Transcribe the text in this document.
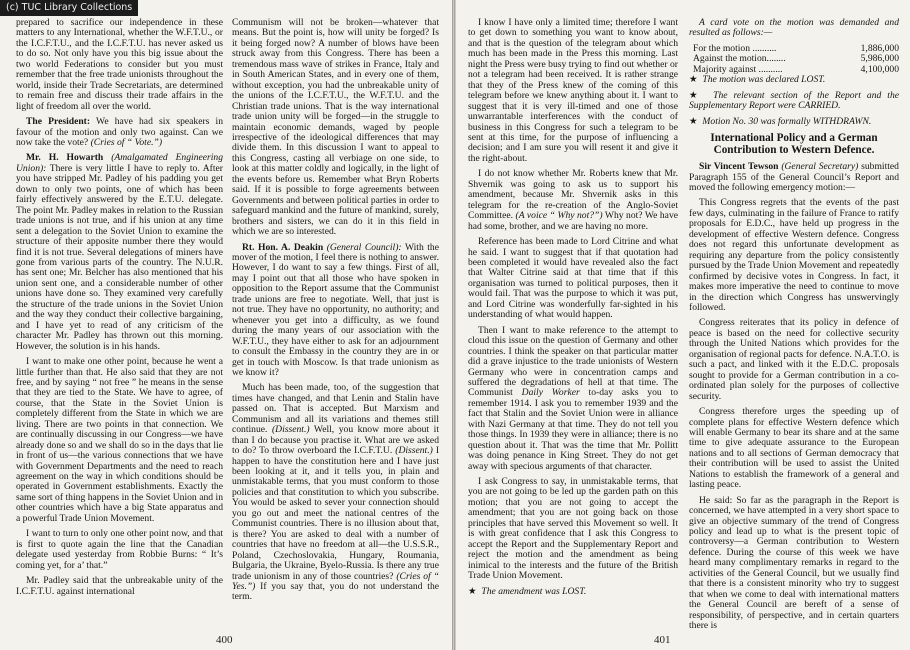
(c) TUC Library Collections

prepared to sacrifice our independence in these matters to any International, whether the W.F.T.U., or the I.C.F.T.U., and the I.C.F.T.U. has never asked us to do so. Not only have you this big issue about the two world Federations to consider but you must remember that the free trade unionists throughout the world, inside their Trade Secretariats, are determined to remain free and discuss their trade affairs in the light of freedom all over the world.

The President: We have had six speakers in favour of the motion and only two against. Can we now take the vote? (Cries of “ Vote.”)

Mr. H. Howarth (Amalgamated Engineering Union): There is very little I have to reply to. After you have stripped Mr. Padley of his padding you get down to only two points, one of which has been fairly effectively answered by the E.T.U. delegate. The point Mr. Padley makes in relation to the Russian trade unions is not true, and if his union at any time sent a delegation to the Soviet Union to examine the structure of their apposite number there they would find it is not true. Several delegations of miners have gone from various parts of the country. The N.U.R. has sent one; Mr. Belcher has also mentioned that his union sent one, and a considerable number of other unions have done so. They examined very carefully the structure of the trade unions in the Soviet Union and the way they conduct their collective bargaining, and I have yet to read of any criticism of the character Mr. Padley has thrown out this morning. However, the solution is in his hands.

I want to make one other point, because he went a little further than that. He also said that they are not free, and by saying “ not free ” he means in the sense that they are tied to the State. We have to agree, of course, that the State in the Soviet Union is completely different from the State in which we are living. There are two points in that connection. We are continually discussing in our Congress—we have already done so and we shall do so in the days that lie in front of us—the various connections that we have with Government Departments and the need to reach agreement on the way in which conditions should be operated in Government establishments. Exactly the same sort of thing happens in the Soviet Union and in other countries which have a big State apparatus and a powerful Trade Union Movement.

I want to turn to only one other point now, and that is first to quote again the line that the Canadian delegate used yesterday from Robbie Burns: “ It’s coming yet, for a’ that.”

Mr. Padley said that the unbreakable unity of the I.C.F.T.U. against international

Communism will not be broken—whatever that means. But the point is, how will unity be forged? Is it being forged now? A number of blows have been struck away from this Congress. There has been a tremendous mass wave of strikes in France, Italy and in South American States, and in every one of them, without exception, you had the unbreakable unity of the unions of the I.C.F.T.U., the W.F.T.U. and the Christian trade unions. That is the way international trade union unity will be forged—in the struggle to maintain economic demands, waged by people irrespective of the ideological differences that may divide them. In this discussion I want to appeal to this Congress, casting all verbiage on one side, to look at this matter coldly and logically, in the light of the events before us. Remember what Bryn Roberts said. If it is possible to forge agreements between Governments and between political parties in order to safeguard mankind and the future of mankind, surely, brothers and sisters, we can do it in this field in which we are so interested.

Rt. Hon. A. Deakin (General Council): With the mover of the motion, I feel there is nothing to answer. However, I do want to say a few things. First of all, may I point out that all those who have spoken in opposition to the Report assume that the Communist trade unions are free to negotiate. Well, that just is not true. They have no opportunity, no authority; and whenever you get into a difficulty, as we found during the many years of our association with the W.F.T.U., they have either to ask for an adjournment to consult the Embassy in the country they are in or get in touch with Moscow. Is that trade unionism as we know it?

Much has been made, too, of the suggestion that times have changed, and that Lenin and Stalin have passed on. That is accepted. But Marxism and Communism and all its variations and themes still continue. (Dissent.) Well, you know more about it than I do because you practise it. What are we asked to do? To throw overboard the I.C.F.T.U. (Dissent.) I happen to have the constitution here and I have just been looking at it, and it tells you, in plain and unmistakable terms, that you must conform to those policies and that constitution to which you subscribe. You would be asked to sever your connection should you go out and meet the national centres of the Communist countries. There is no illusion about that, is there? You are asked to deal with a number of countries that have no freedom at all—the U.S.S.R., Poland, Czechoslovakia, Hungary, Roumania, Bulgaria, the Ukraine, Byelo-Russia. Is there any true trade unionism in any of those countries? (Cries of “ Yes.”) If you say that, you do not understand the term.

400

I know I have only a limited time; therefore I want to get down to something you want to know about, and that is the question of the telegram about which much has been made in the Press this morning. Last night the Press were busy trying to find out whether or not a telegram had been received. It is rather strange that they of the Press knew of the coming of this telegram before we knew anything about it. I want to suggest that it is very ill-timed and one of those unwarrantable interferences with the conduct of business in this Congress for such a telegram to be sent at this time, for the purpose of influencing a decision; and I am sure you will resent it and give it the right-about.

I do not know whether Mr. Roberts knew that Mr. Shvernik was going to ask us to support his amendment, because Mr. Shvernik asks in this telegram for the re-creation of the Anglo-Soviet Committee. (A voice “ Why not?”) Why not? We have had some, brother, and we are having no more.

Reference has been made to Lord Citrine and what he said. I want to suggest that if that quotation had been completed it would have revealed also the fact that Walter Citrine said at that time that if this organisation was turned to political purposes, then it would fail. That was the purpose to which it was put, and Lord Citrine was wonderfully far-sighted in his understanding of what would happen.

Then I want to make reference to the attempt to cloud this issue on the question of Germany and other countries. I think the speaker on that particular matter did a grave injustice to the trade unionists of Western Germany who were in concentration camps and suffered the degradations of hell at that time. The Communist Daily Worker to-day asks you to remember 1914. I ask you to remember 1939 and the fact that Stalin and the Soviet Union were in alliance with Nazi Germany at that time. They do not tell you those things. In 1939 they were in alliance; there is no question about it. That was the time that Mr. Pollitt was doing penance in King Street. They do not get away with specious arguments of that character.

I ask Congress to say, in unmistakable terms, that you are not going to be led up the garden path on this motion; that you are not going to accept the amendment; that you are not going back on those principles that have served this Movement so well. It is with great confidence that I ask this Congress to accept the Report and the Supplementary Report and reject the motion and the amendment as being inimical to the interests and the future of the British Trade Union Movement.

★ The amendment was LOST.

A card vote on the motion was demanded and resulted as follows:—

For the motion ..........	1,886,000
Against the motion........	5,986,000
Majority against ..........	4,100,000

★ The motion was declared LOST.

★ The relevant section of the Report and the Supplementary Report were CARRIED.

★ Motion No. 30 was formally WITHDRAWN.

International Policy and a German Contribution to Western Defence.

Sir Vincent Tewson (General Secretary) submitted Paragraph 155 of the General Council’s Report and moved the following emergency motion:—

This Congress regrets that the events of the past few days, culminating in the failure of France to ratify proposals for E.D.C., have held up progress in the development of effective Western defence. Congress does not regard this unfortunate development as requiring any departure from the policy consistently pursued by the Trade Union Movement and repeatedly confirmed by decisive votes in Congress. In fact, it makes more imperative the need to continue to move in the direction which Congress has unswervingly followed.

Congress reiterates that its policy in defence of peace is based on the need for collective security through the United Nations which provides for the organisation of regional pacts for defence. N.A.T.O. is such a pact, and linked with it the E.D.C. proposals sought to provide for a German contribution in a co-ordinated plan solely for the purposes of collective security.

Congress therefore urges the speeding up of complete plans for effective Western defence which will enable Germany to bear its share and at the same time to give adequate assurance to the European nations and to all sections of German democracy that their contribution will be used to assist the United Nations to establish the framework of a general and lasting peace.

He said: So far as the paragraph in the Report is concerned, we have attempted in a very short space to give an objective summary of the trend of Congress policy and lead up to what is the present topic of controversy—a German contribution to Western defence. During the course of this week we have heard many complimentary remarks in regard to the activities of the General Council, but we usually find that there is a consistent minority who try to suggest that when we come to deal with international matters the General Council are bereft of a sense of responsibility, of perspective, and in certain quarters there is

401
